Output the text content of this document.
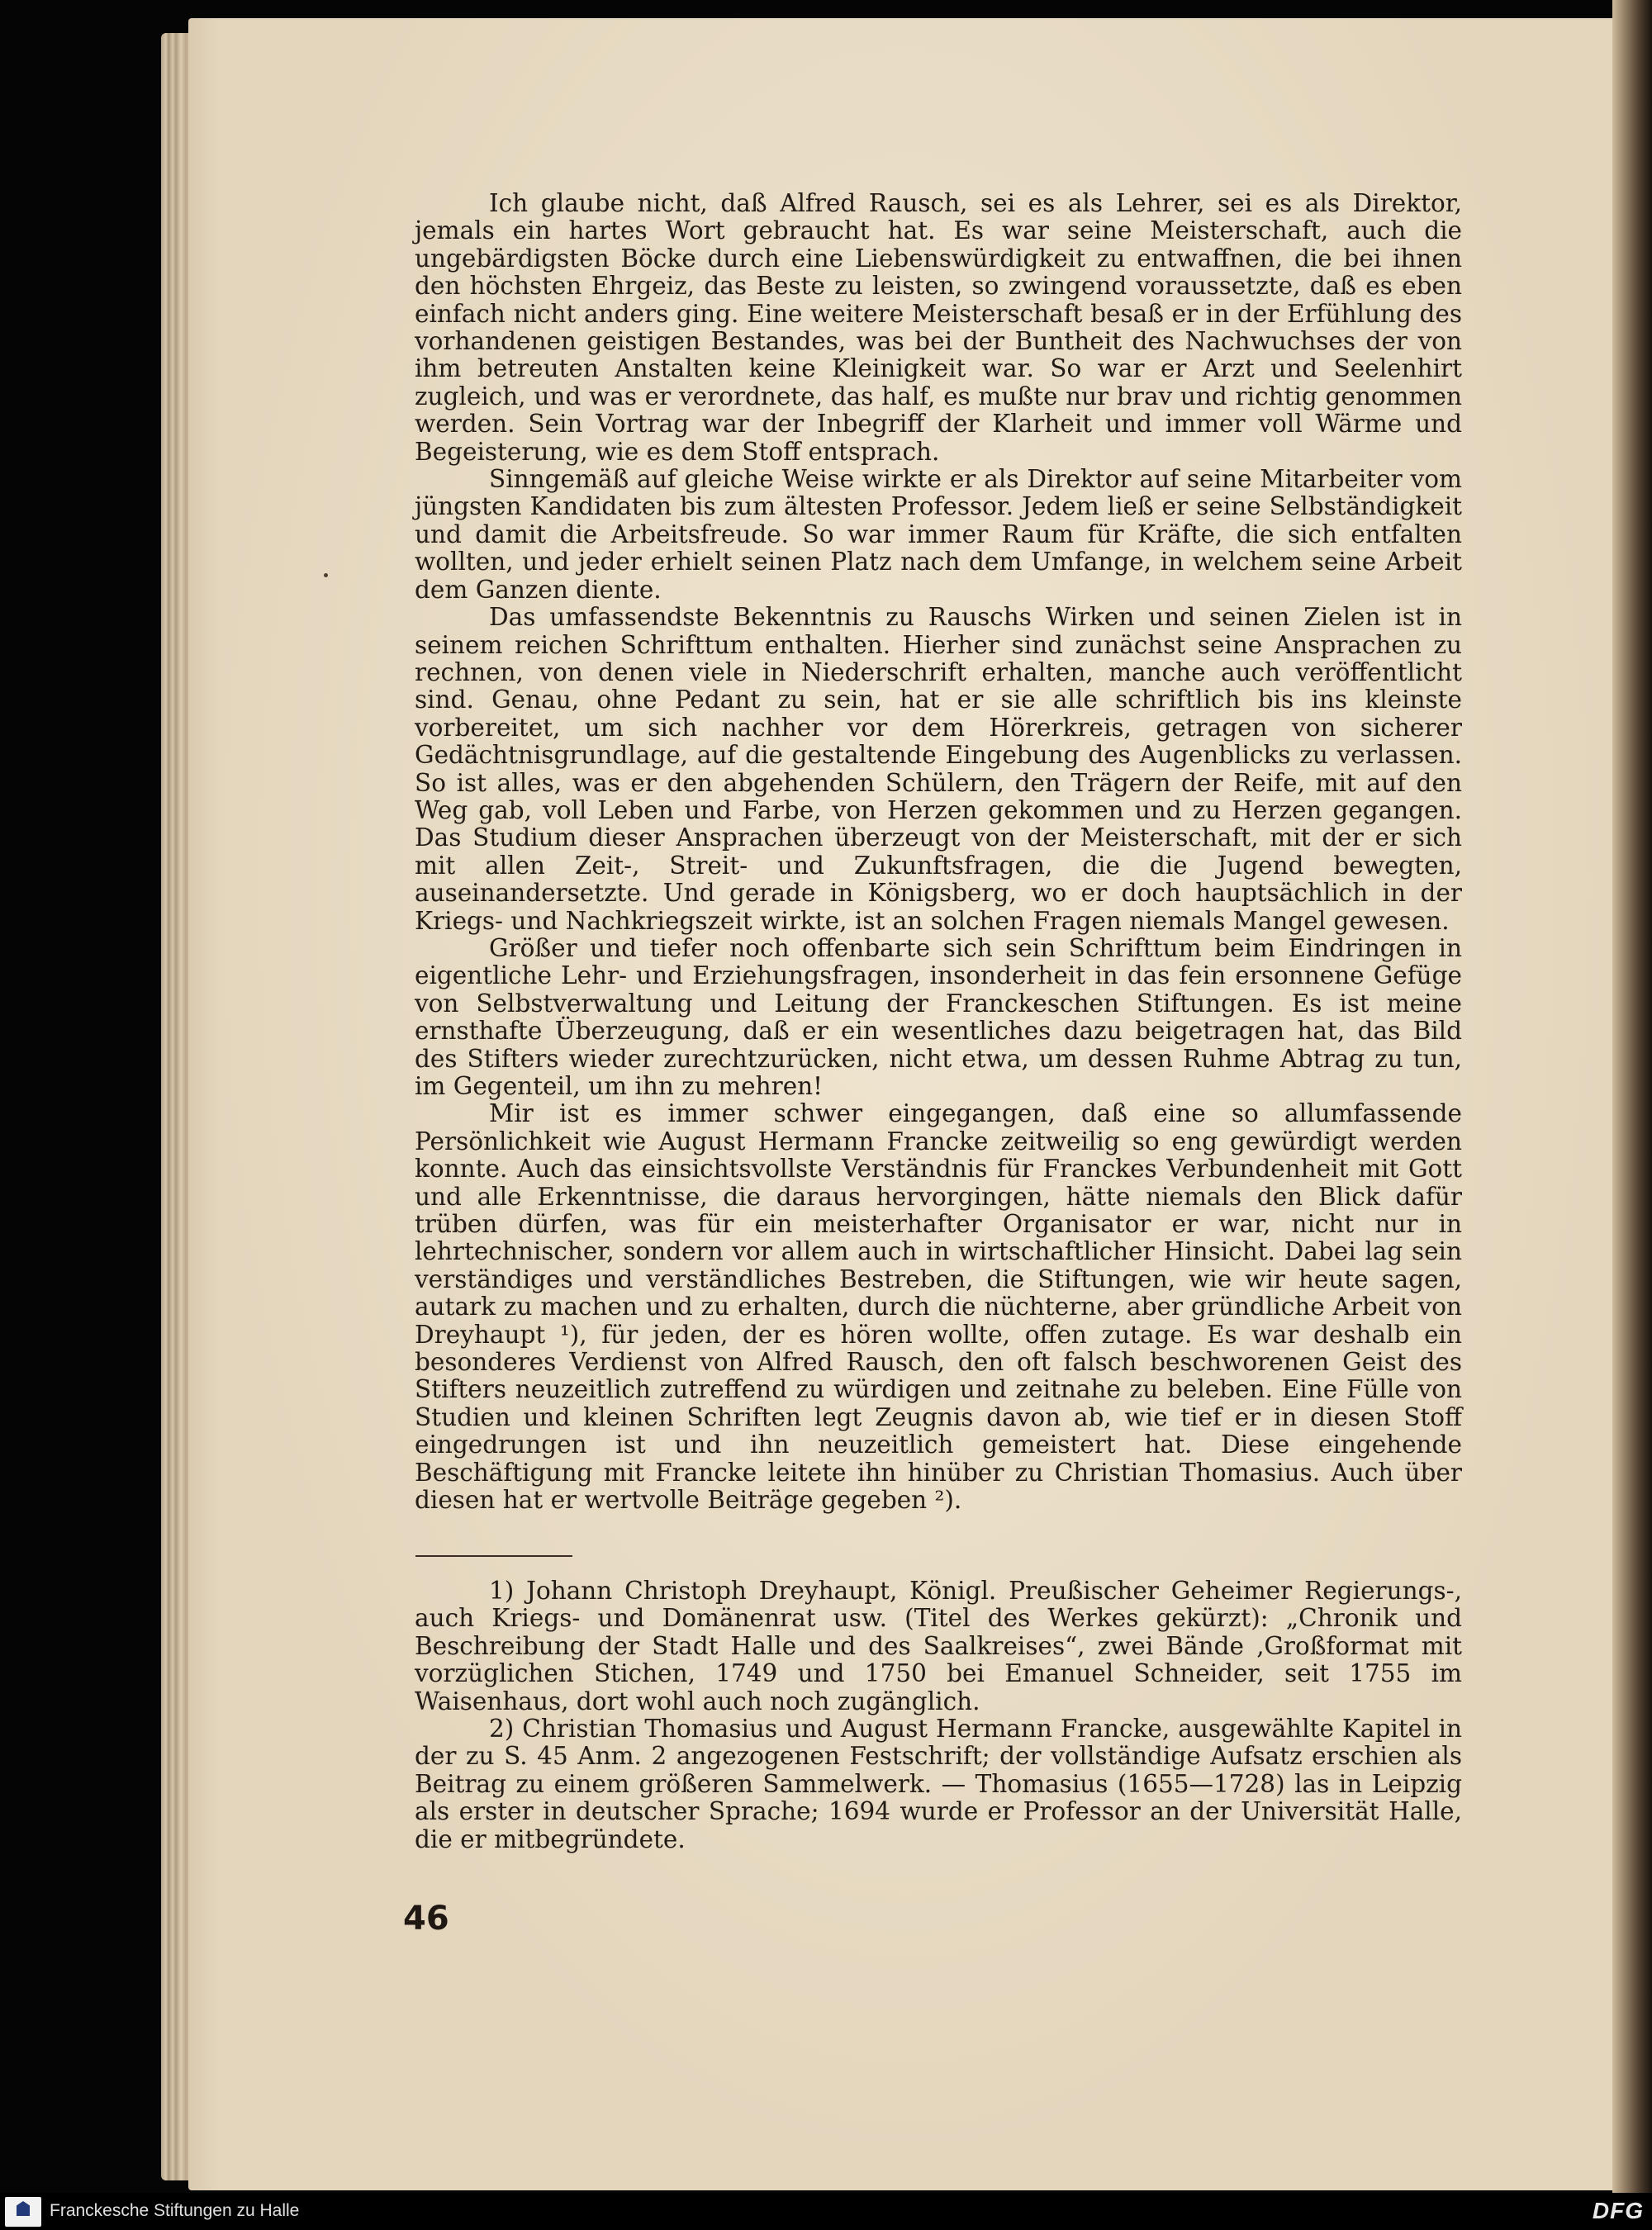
Ich glaube nicht, daß Alfred Rausch, sei es als Lehrer, sei es als Direktor, jemals ein hartes Wort gebraucht hat. Es war seine Meisterschaft, auch die ungebärdigsten Böcke durch eine Liebenswürdigkeit zu entwaffnen, die bei ihnen den höchsten Ehrgeiz, das Beste zu leisten, so zwingend voraussetzte, daß es eben einfach nicht anders ging. Eine weitere Meisterschaft besaß er in der Erfühlung des vorhandenen geistigen Bestandes, was bei der Buntheit des Nachwuchses der von ihm betreuten Anstalten keine Kleinigkeit war. So war er Arzt und Seelenhirt zugleich, und was er verordnete, das half, es mußte nur brav und richtig genommen werden. Sein Vortrag war der Inbegriff der Klarheit und immer voll Wärme und Begeisterung, wie es dem Stoff entsprach.

Sinngemäß auf gleiche Weise wirkte er als Direktor auf seine Mitarbeiter vom jüngsten Kandidaten bis zum ältesten Professor. Jedem ließ er seine Selbständigkeit und damit die Arbeitsfreude. So war immer Raum für Kräfte, die sich entfalten wollten, und jeder erhielt seinen Platz nach dem Umfange, in welchem seine Arbeit dem Ganzen diente.

Das umfassendste Bekenntnis zu Rauschs Wirken und seinen Zielen ist in seinem reichen Schrifttum enthalten. Hierher sind zunächst seine Ansprachen zu rechnen, von denen viele in Niederschrift erhalten, manche auch veröffentlicht sind. Genau, ohne Pedant zu sein, hat er sie alle schriftlich bis ins kleinste vorbereitet, um sich nachher vor dem Hörerkreis, getragen von sicherer Gedächtnisgrundlage, auf die gestaltende Eingebung des Augenblicks zu verlassen. So ist alles, was er den abgehenden Schülern, den Trägern der Reife, mit auf den Weg gab, voll Leben und Farbe, von Herzen gekommen und zu Herzen gegangen. Das Studium dieser Ansprachen überzeugt von der Meisterschaft, mit der er sich mit allen Zeit-, Streit- und Zukunftsfragen, die die Jugend bewegten, auseinandersetzte. Und gerade in Königsberg, wo er doch hauptsächlich in der Kriegs- und Nachkriegszeit wirkte, ist an solchen Fragen niemals Mangel gewesen.

Größer und tiefer noch offenbarte sich sein Schrifttum beim Eindringen in eigentliche Lehr- und Erziehungsfragen, insonderheit in das fein ersonnene Gefüge von Selbstverwaltung und Leitung der Franckeschen Stiftungen. Es ist meine ernsthafte Überzeugung, daß er ein wesentliches dazu beigetragen hat, das Bild des Stifters wieder zurechtzurücken, nicht etwa, um dessen Ruhme Abtrag zu tun, im Gegenteil, um ihn zu mehren!

Mir ist es immer schwer eingegangen, daß eine so allumfassende Persönlichkeit wie August Hermann Francke zeitweilig so eng gewürdigt werden konnte. Auch das einsichtsvollste Verständnis für Franckes Verbundenheit mit Gott und alle Erkenntnisse, die daraus hervorgingen, hätte niemals den Blick dafür trüben dürfen, was für ein meisterhafter Organisator er war, nicht nur in lehrtechnischer, sondern vor allem auch in wirtschaftlicher Hinsicht. Dabei lag sein verständiges und verständliches Bestreben, die Stiftungen, wie wir heute sagen, autark zu machen und zu erhalten, durch die nüchterne, aber gründliche Arbeit von Dreyhaupt ¹), für jeden, der es hören wollte, offen zutage. Es war deshalb ein besonderes Verdienst von Alfred Rausch, den oft falsch beschworenen Geist des Stifters neuzeitlich zutreffend zu würdigen und zeitnahe zu beleben. Eine Fülle von Studien und kleinen Schriften legt Zeugnis davon ab, wie tief er in diesen Stoff eingedrungen ist und ihn neuzeitlich gemeistert hat. Diese eingehende Beschäftigung mit Francke leitete ihn hinüber zu Christian Thomasius. Auch über diesen hat er wertvolle Beiträge gegeben ²).

1) Johann Christoph Dreyhaupt, Königl. Preußischer Geheimer Regierungs-, auch Kriegs- und Domänenrat usw. (Titel des Werkes gekürzt): „Chronik und Beschreibung der Stadt Halle und des Saalkreises“, zwei Bände ‚Großformat mit vorzüglichen Stichen, 1749 und 1750 bei Emanuel Schneider, seit 1755 im Waisenhaus, dort wohl auch noch zugänglich.

2) Christian Thomasius und August Hermann Francke, ausgewählte Kapitel in der zu S. 45 Anm. 2 angezogenen Festschrift; der vollständige Aufsatz erschien als Beitrag zu einem größeren Sammelwerk. — Thomasius (1655—1728) las in Leipzig als erster in deutscher Sprache; 1694 wurde er Professor an der Universität Halle, die er mitbegründete.

46
Franckesche Stiftungen zu Halle	DFG
